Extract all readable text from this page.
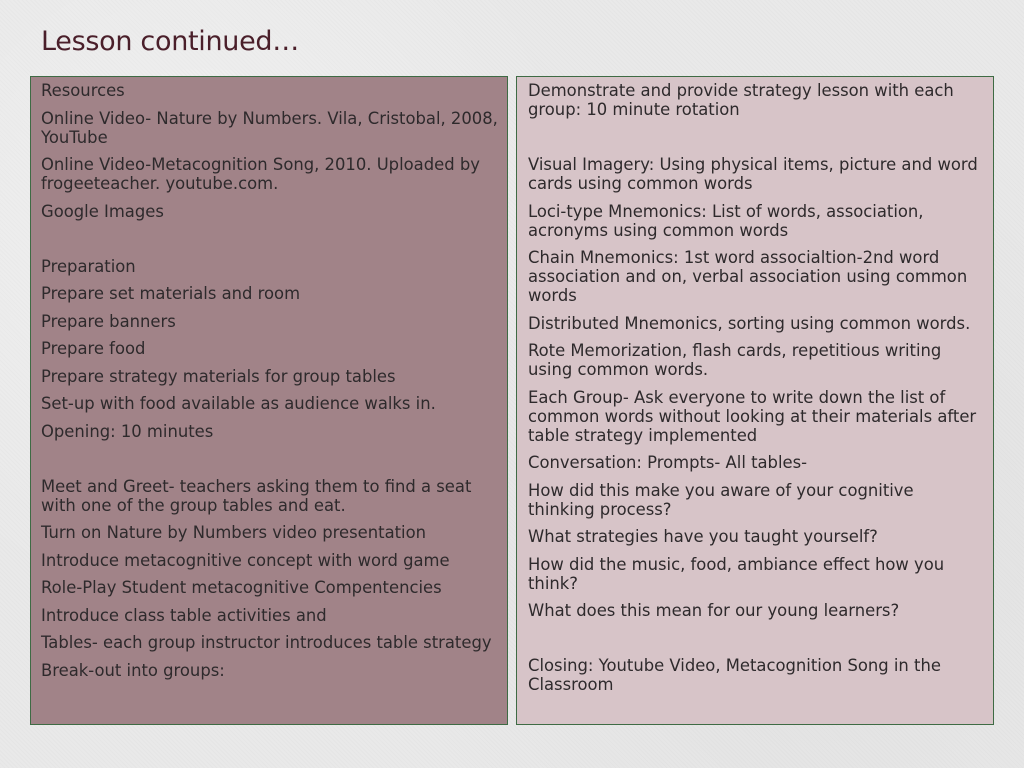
Lesson continued…
Resources
Online Video- Nature by Numbers. Vila, Cristobal, 2008, YouTube
Online Video-Metacognition Song, 2010. Uploaded by frogeeteacher. youtube.com.
Google Images
Preparation
Prepare set materials and room
Prepare banners
Prepare food
Prepare strategy materials for group tables
Set-up with food available as audience walks in.
Opening: 10 minutes
Meet and Greet- teachers asking them to find a seat with one of the group tables and eat.
Turn on Nature by Numbers video presentation
Introduce metacognitive concept with word game
Role-Play Student metacognitive Compentencies
Introduce class table activities and
Tables- each group instructor introduces table strategy
Break-out into groups:
Demonstrate and provide strategy lesson with each group: 10 minute rotation
Visual Imagery: Using physical items, picture and word cards using common words
Loci-type Mnemonics: List of words, association, acronyms using common words
Chain Mnemonics: 1st word associaltion-2nd word association and on, verbal association using common words
Distributed Mnemonics, sorting using common words.
Rote Memorization, flash cards, repetitious writing using common words.
Each Group- Ask everyone to write down the list of common words without looking at their materials after table strategy implemented
Conversation: Prompts- All tables-
How did this make you aware of your cognitive thinking process?
What strategies have you taught yourself?
How did the music, food, ambiance effect how you think?
What does this mean for our young learners?
Closing: Youtube Video, Metacognition Song in the Classroom
